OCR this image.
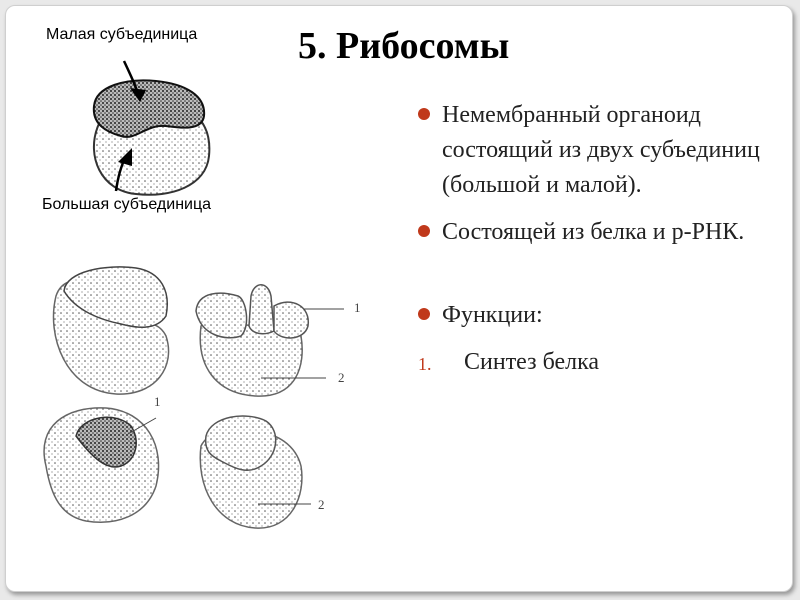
1
2
1
2
Малая субъединица
Большая субъединица
5. Рибосомы
Немембранный органоид состоящий из двух субъединиц (большой и малой).
Состоящей из белка и р-РНК.
Функции:
1. Синтез белка
